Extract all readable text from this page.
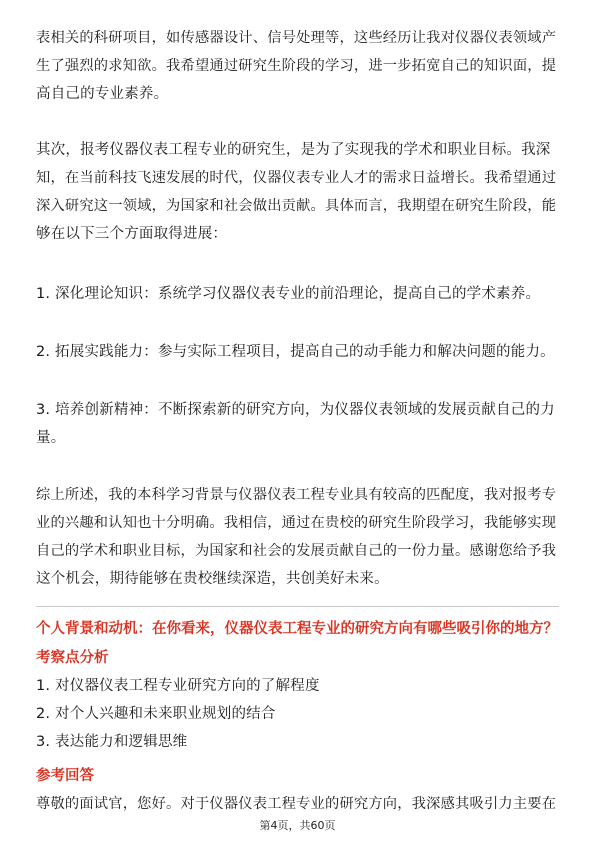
表相关的科研项目，如传感器设计、信号处理等，这些经历让我对仪器仪表领域产
生了强烈的求知欲。我希望通过研究生阶段的学习，进一步拓宽自己的知识面，提
高自己的专业素养。
其次，报考仪器仪表工程专业的研究生，是为了实现我的学术和职业目标。我深
知，在当前科技飞速发展的时代，仪器仪表专业人才的需求日益增长。我希望通过
深入研究这一领域，为国家和社会做出贡献。具体而言，我期望在研究生阶段，能
够在以下三个方面取得进展：
1. 深化理论知识：系统学习仪器仪表专业的前沿理论，提高自己的学术素养。
2. 拓展实践能力：参与实际工程项目，提高自己的动手能力和解决问题的能力。
3. 培养创新精神：不断探索新的研究方向，为仪器仪表领域的发展贡献自己的力
量。
综上所述，我的本科学习背景与仪器仪表工程专业具有较高的匹配度，我对报考专
业的兴趣和认知也十分明确。我相信，通过在贵校的研究生阶段学习，我能够实现
自己的学术和职业目标，为国家和社会的发展贡献自己的一份力量。感谢您给予我
这个机会，期待能够在贵校继续深造，共创美好未来。
个人背景和动机：在你看来，仪器仪表工程专业的研究方向有哪些吸引你的地方？
考察点分析
1. 对仪器仪表工程专业研究方向的了解程度
2. 对个人兴趣和未来职业规划的结合
3. 表达能力和逻辑思维
参考回答
尊敬的面试官，您好。对于仪器仪表工程专业的研究方向，我深感其吸引力主要在
第4页，共60页
